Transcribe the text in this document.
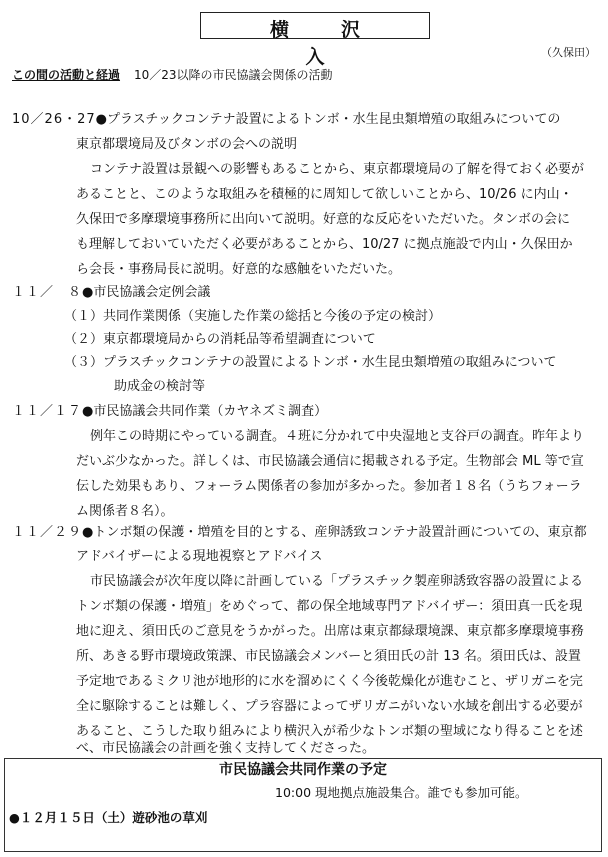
横沢入	（久保田）
この間の活動と経過 10／23以降の市民協議会関係の活動
10／26・27●プラスチックコンテナ設置によるトンボ・水生昆虫類増殖の取組みについての
東京都環境局及びタンボの会への説明
コンテナ設置は景観への影響もあることから、東京都環境局の了解を得ておく必要が
あることと、このような取組みを積極的に周知して欲しいことから、10/26 に内山・
久保田で多摩環境事務所に出向いて説明。好意的な反応をいただいた。タンボの会に
も理解しておいていただく必要があることから、10/27 に拠点施設で内山・久保田か
ら会長・事務局長に説明。好意的な感触をいただいた。
１１／　８●市民協議会定例会議
（１）共同作業関係（実施した作業の総括と今後の予定の検討）
（２）東京都環境局からの消耗品等希望調査について
（３）プラスチックコンテナの設置によるトンボ・水生昆虫類増殖の取組みについて
助成金の検討等
１１／１７●市民協議会共同作業（カヤネズミ調査）
例年この時期にやっている調査。４班に分かれて中央湿地と支谷戸の調査。昨年より
だいぶ少なかった。詳しくは、市民協議会通信に掲載される予定。生物部会 ML 等で宣
伝した効果もあり、フォーラム関係者の参加が多かった。参加者１８名（うちフォーラ
ム関係者８名）。
１１／２９●トンボ類の保護・増殖を目的とする、産卵誘致コンテナ設置計画についての、東京都
アドバイザーによる現地視察とアドバイス
市民協議会が次年度以降に計画している「プラスチック製産卵誘致容器の設置による
トンボ類の保護・増殖」をめぐって、都の保全地域専門アドバイザー：須田真一氏を現
地に迎え、須田氏のご意見をうかがった。出席は東京都緑環境課、東京都多摩環境事務
所、あきる野市環境政策課、市民協議会メンバーと須田氏の計 13 名。須田氏は、設置
予定地であるミクリ池が地形的に水を溜めにくく今後乾燥化が進むこと、ザリガニを完
全に駆除することは難しく、プラ容器によってザリガニがいない水域を創出する必要が
あること、こうした取り組みにより横沢入が希少なトンボ類の聖域になり得ることを述
べ、市民協議会の計画を強く支持してくださった。
市民協議会共同作業の予定
10:00 現地拠点施設集合。誰でも参加可能。
●１２月１５日（土）遊砂池の草刈
